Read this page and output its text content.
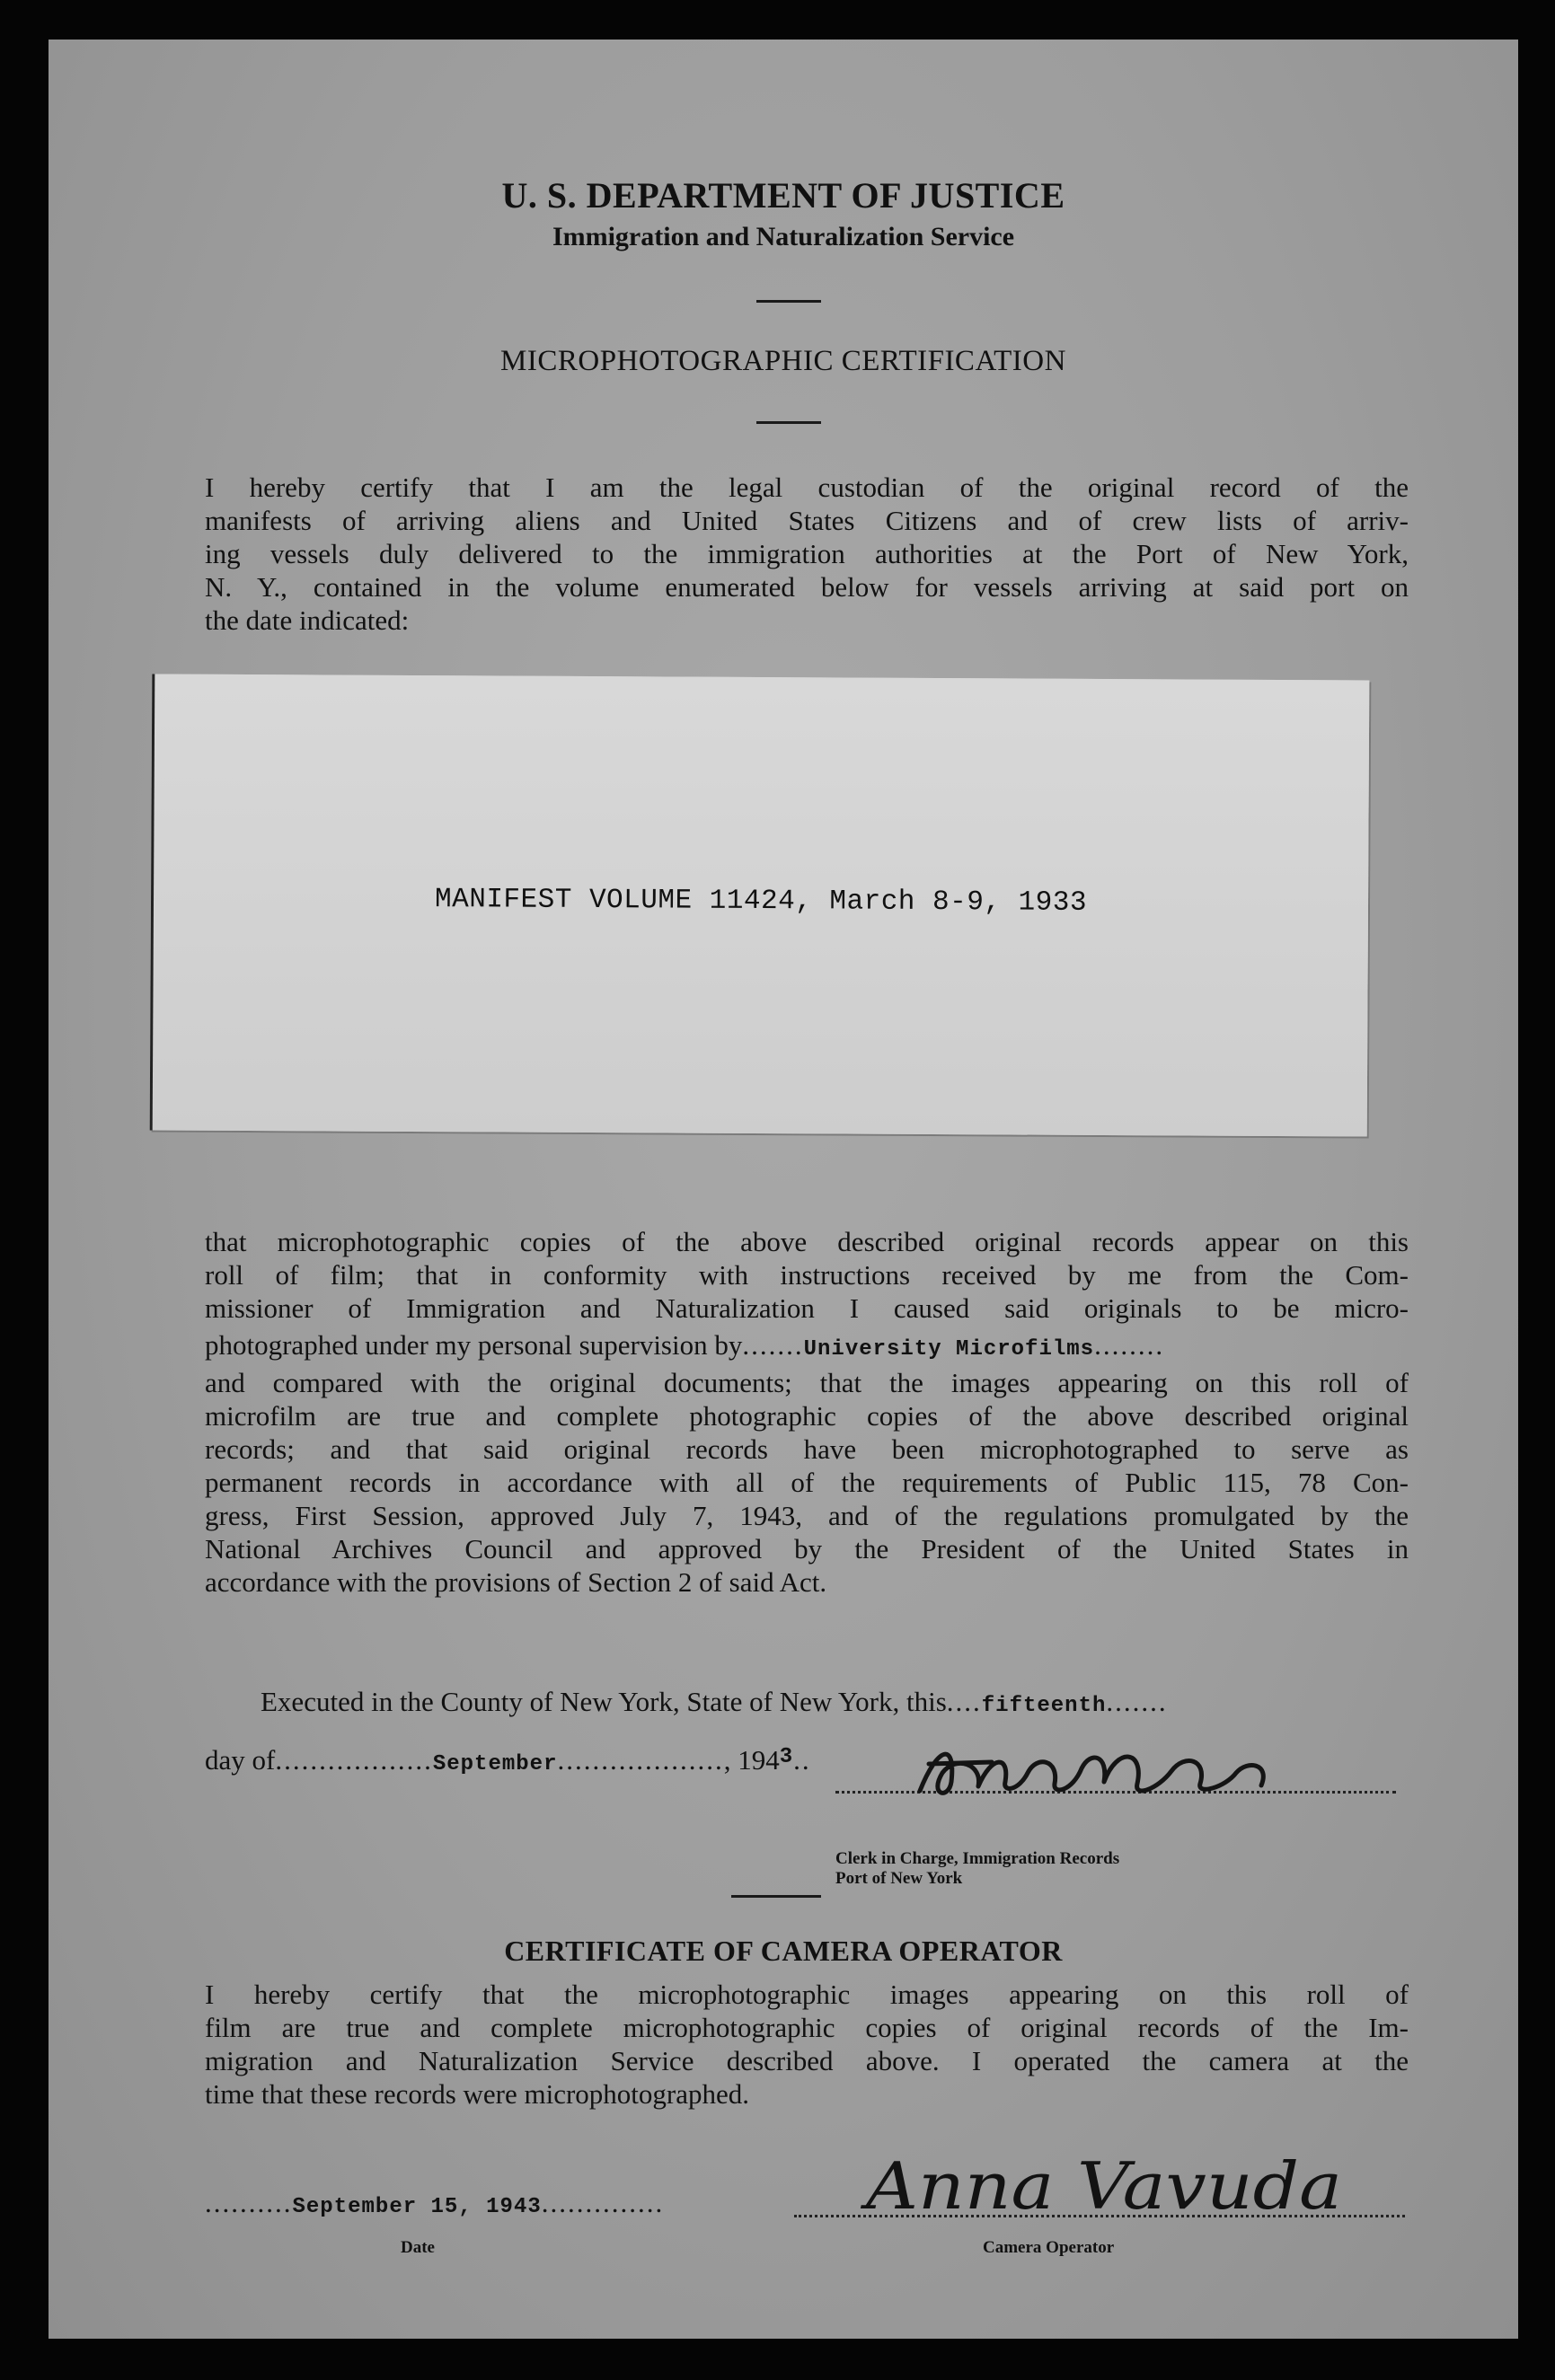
U. S. DEPARTMENT OF JUSTICE
Immigration and Naturalization Service
MICROPHOTOGRAPHIC CERTIFICATION
I hereby certify that I am the legal custodian of the original record of the
manifests of arriving aliens and United States Citizens and of crew lists of arriv-
ing vessels duly delivered to the immigration authorities at the Port of New York,
N. Y., contained in the volume enumerated below for vessels arriving at said port on
the date indicated:
MANIFEST VOLUME 11424, March 8-9, 1933
that microphotographic copies of the above described original records appear on this
roll of film; that in conformity with instructions received by me from the Com-
missioner of Immigration and Naturalization I caused said originals to be micro-
photographed under my personal supervision by.......University Microfilms........
and compared with the original documents; that the images appearing on this roll of
microfilm are true and complete photographic copies of the above described original
records; and that said original records have been microphotographed to serve as
permanent records in accordance with all of the requirements of Public 115, 78 Con-
gress, First Session, approved July 7, 1943, and of the regulations promulgated by the
National Archives Council and approved by the President of the United States in
accordance with the provisions of Section 2 of said Act.
Executed in the County of New York, State of New York, this....fifteenth.......
day of..................September..................., $194^3$..
Clerk in Charge, Immigration Records
Port of New York
CERTIFICATE OF CAMERA OPERATOR
I hereby certify that the microphotographic images appearing on this roll of
film are true and complete microphotographic copies of original records of the Im-
migration and Naturalization Service described above. I operated the camera at the
time that these records were microphotographed.
..........September 15, 1943..............
Date
Anna Vavuda
Camera Operator
